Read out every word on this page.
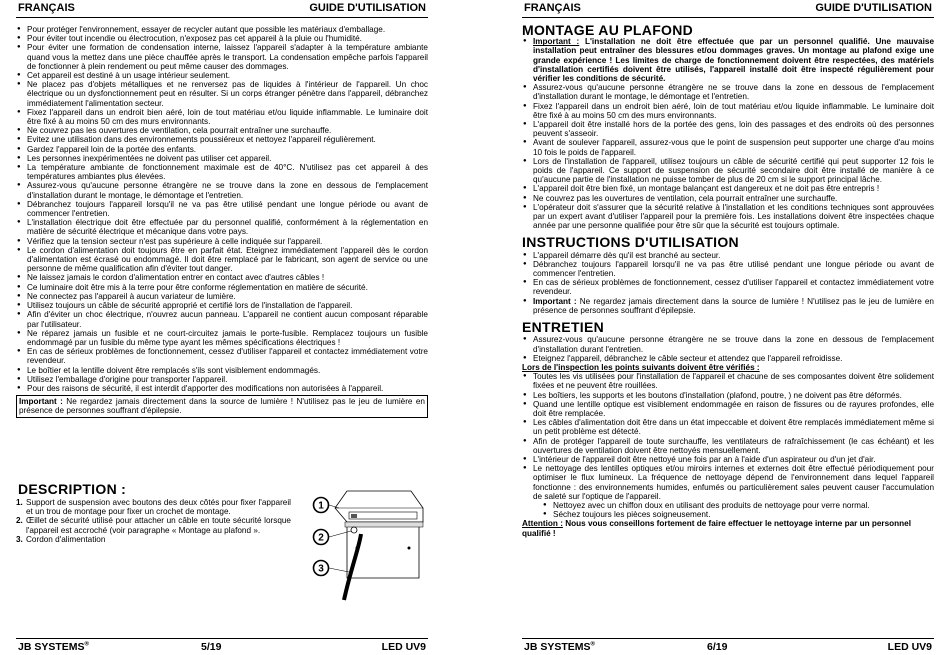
FRANÇAIS	GUIDE D'UTILISATION
● Pour protéger l'environnement, essayer de recycler autant que possible les matériaux d'emballage.
● Pour éviter tout incendie ou électrocution, n'exposez pas cet appareil à la pluie ou l'humidité.
● Pour éviter une formation de condensation interne, laissez l'appareil s'adapter à la température ambiante quand vous la mettez dans une pièce chauffée après le transport. La condensation empêche parfois l'appareil de fonctionner à plein rendement ou peut même causer des dommages.
● Cet appareil est destiné à un usage intérieur seulement.
● Ne placez pas d'objets métalliques et ne renversez pas de liquides à l'intérieur de l'appareil. Un choc électrique ou un dysfonctionnement peut en résulter. Si un corps étranger pénètre dans l'appareil, débranchez immédiatement l'alimentation secteur.
● Fixez l'appareil dans un endroit bien aéré, loin de tout matériau et/ou liquide inflammable. Le luminaire doit être fixé à au moins 50 cm des murs environnants.
● Ne couvrez pas les ouvertures de ventilation, cela pourrait entraîner une surchauffe.
● Evitez une utilisation dans des environnements poussiéreux et nettoyez l'appareil régulièrement.
● Gardez l'appareil loin de la portée des enfants.
● Les personnes inexpérimentées ne doivent pas utiliser cet appareil.
● La température ambiante de fonctionnement maximale est de 40°C. N'utilisez pas cet appareil à des températures ambiantes plus élevées.
● Assurez-vous qu'aucune personne étrangère ne se trouve dans la zone en dessous de l'emplacement d'installation durant le montage, le démontage et l'entretien.
● Débranchez toujours l'appareil lorsqu'il ne va pas être utilisé pendant une longue période ou avant de commencer l'entretien.
● L'installation électrique doit être effectuée par du personnel qualifié, conformément à la réglementation en matière de sécurité électrique et mécanique dans votre pays.
● Vérifiez que la tension secteur n'est pas supérieure à celle indiquée sur l'appareil.
● Le cordon d'alimentation doit toujours être en parfait état. Eteignez immédiatement l'appareil dès le cordon d'alimentation est écrasé ou endommagé. Il doit être remplacé par le fabricant, son agent de service ou une personne de même qualification afin d'éviter tout danger.
● Ne laissez jamais le cordon d'alimentation entrer en contact avec d'autres câbles !
● Ce luminaire doit être mis à la terre pour être conforme réglementation en matière de sécurité.
● Ne connectez pas l'appareil à aucun variateur de lumière.
● Utilisez toujours un câble de sécurité approprié et certifié lors de l'installation de l'appareil.
● Afin d'éviter un choc électrique, n'ouvrez aucun panneau. L'appareil ne contient aucun composant réparable par l'utilisateur.
● Ne réparez jamais un fusible et ne court-circuitez jamais le porte-fusible. Remplacez toujours un fusible endommagé par un fusible du même type ayant les mêmes spécifications électriques !
● En cas de sérieux problèmes de fonctionnement, cessez d'utiliser l'appareil et contactez immédiatement votre revendeur.
● Le boîtier et la lentille doivent être remplacés s'ils sont visiblement endommagés.
● Utilisez l'emballage d'origine pour transporter l'appareil.
● Pour des raisons de sécurité, il est interdit d'apporter des modifications non autorisées à l'appareil.
Important : Ne regardez jamais directement dans la source de lumière ! N'utilisez pas le jeu de lumière en présence de personnes souffrant d'épilepsie.
DESCRIPTION :
1. Support de suspension avec boutons des deux côtés pour fixer l'appareil et un trou de montage pour fixer un crochet de montage.
2. Œillet de sécurité utilisé pour attacher un câble en toute sécurité lorsque l'appareil est accroché (voir paragraphe « Montage au plafond ».
3. Cordon d'alimentation
1
2
3
JB SYSTEMS®	5/19	LED UV9
FRANÇAIS	GUIDE D'UTILISATION
MONTAGE AU PLAFOND
● Important : L'installation ne doit être effectuée que par un personnel qualifié. Une mauvaise installation peut entraîner des blessures et/ou dommages graves. Un montage au plafond exige une grande expérience ! Les limites de charge de fonctionnement doivent être respectées, des matériels d'installation certifiés doivent être utilisés, l'appareil installé doit être inspecté régulièrement pour vérifier les conditions de sécurité.
● Assurez-vous qu'aucune personne étrangère ne se trouve dans la zone en dessous de l'emplacement d'installation durant le montage, le démontage et l'entretien.
● Fixez l'appareil dans un endroit bien aéré, loin de tout matériau et/ou liquide inflammable. Le luminaire doit être fixé à au moins 50 cm des murs environnants.
● L'appareil doit être installé hors de la portée des gens, loin des passages et des endroits où des personnes peuvent s'asseoir.
● Avant de soulever l'appareil, assurez-vous que le point de suspension peut supporter une charge d'au moins 10 fois le poids de l'appareil.
● Lors de l'installation de l'appareil, utilisez toujours un câble de sécurité certifié qui peut supporter 12 fois le poids de l'appareil. Ce support de suspension de sécurité secondaire doit être installé de manière à ce qu'aucune partie de l'installation ne puisse tomber de plus de 20 cm si le support principal lâche.
● L'appareil doit être bien fixé, un montage balançant est dangereux et ne doit pas être entrepris !
● Ne couvrez pas les ouvertures de ventilation, cela pourrait entraîner une surchauffe.
● L'opérateur doit s'assurer que la sécurité relative à l'installation et les conditions techniques sont approuvées par un expert avant d'utiliser l'appareil pour la première fois. Les installations doivent être inspectées chaque année par une personne qualifiée pour être sûr que la sécurité est toujours optimale.
INSTRUCTIONS D'UTILISATION
● L'appareil démarre dès qu'il est branché au secteur.
● Débranchez toujours l'appareil lorsqu'il ne va pas être utilisé pendant une longue période ou avant de commencer l'entretien.
● En cas de sérieux problèmes de fonctionnement, cessez d'utiliser l'appareil et contactez immédiatement votre revendeur.
● Important : Ne regardez jamais directement dans la source de lumière ! N'utilisez pas le jeu de lumière en présence de personnes souffrant d'épilepsie.
ENTRETIEN
● Assurez-vous qu'aucune personne étrangère ne se trouve dans la zone en dessous de l'emplacement d'installation durant l'entretien.
● Eteignez l'appareil, débranchez le câble secteur et attendez que l'appareil refroidisse.
Lors de l'inspection les points suivants doivent être vérifiés :
● Toutes les vis utilisées pour l'installation de l'appareil et chacune de ses composantes doivent être solidement fixées et ne peuvent être rouillées.
● Les boîtiers, les supports et les boutons d'installation (plafond, poutre, ) ne doivent pas être déformés.
● Quand une lentille optique est visiblement endommagée en raison de fissures ou de rayures profondes, elle doit être remplacée.
● Les câbles d'alimentation doit être dans un état impeccable et doivent être remplacés immédiatement même si un petit problème est détecté.
● Afin de protéger l'appareil de toute surchauffe, les ventilateurs de rafraîchissement (le cas échéant) et les ouvertures de ventilation doivent être nettoyés mensuellement.
● L'intérieur de l'appareil doit être nettoyé une fois par an à l'aide d'un aspirateur ou d'un jet d'air.
● Le nettoyage des lentilles optiques et/ou miroirs internes et externes doit être effectué périodiquement pour optimiser le flux lumineux. La fréquence de nettoyage dépend de l'environnement dans lequel l'appareil fonctionne : des environnements humides, enfumés ou particulièrement sales peuvent causer l'accumulation de saleté sur l'optique de l'appareil.
● Nettoyez avec un chiffon doux en utilisant des produits de nettoyage pour verre normal.
● Séchez toujours les pièces soigneusement.
Attention : Nous vous conseillons fortement de faire effectuer le nettoyage interne par un personnel qualifié !
JB SYSTEMS®	6/19	LED UV9
